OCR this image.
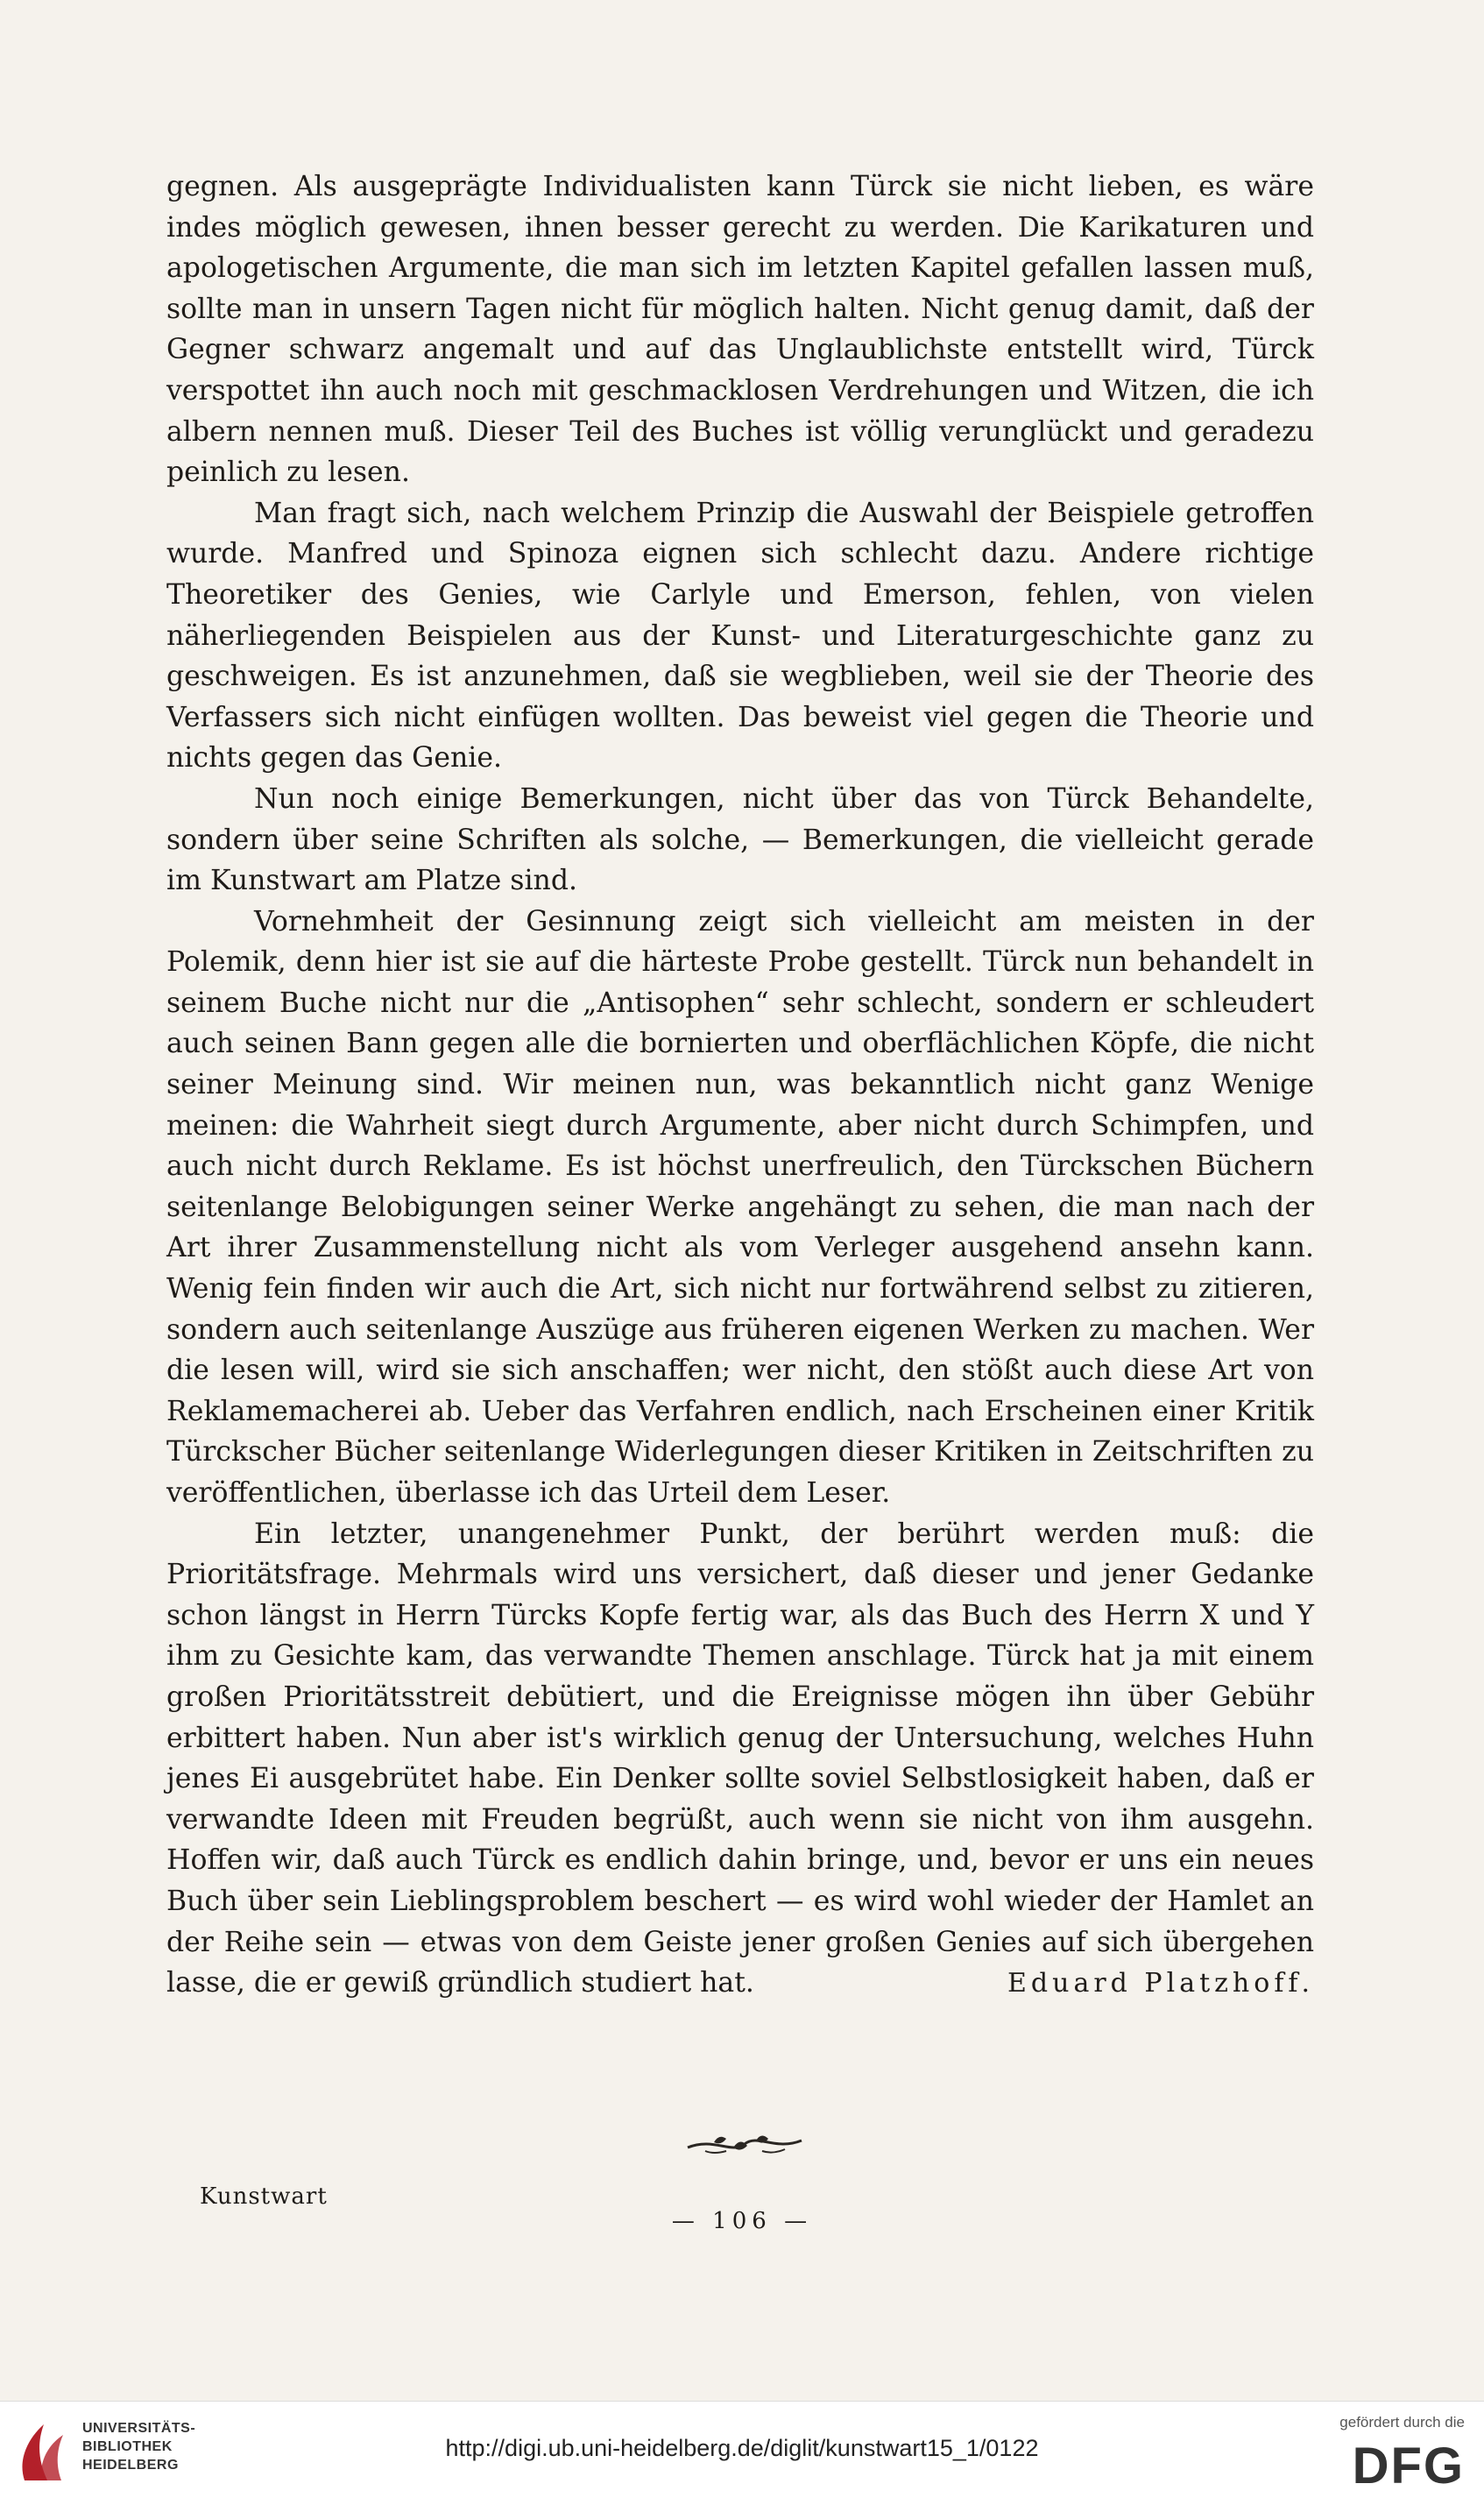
gegnen. Als ausgeprägte Individualisten kann Türck sie nicht lieben, es wäre indes möglich gewesen, ihnen besser gerecht zu werden. Die Karikaturen und apologetischen Argumente, die man sich im letzten Kapitel gefallen lassen muß, sollte man in unsern Tagen nicht für möglich halten. Nicht genug damit, daß der Gegner schwarz angemalt und auf das Unglaublichste entstellt wird, Türck verspottet ihn auch noch mit geschmacklosen Verdrehungen und Witzen, die ich albern nennen muß. Dieser Teil des Buches ist völlig verunglückt und geradezu peinlich zu lesen.

Man fragt sich, nach welchem Prinzip die Auswahl der Beispiele getroffen wurde. Manfred und Spinoza eignen sich schlecht dazu. Andere richtige Theoretiker des Genies, wie Carlyle und Emerson, fehlen, von vielen näherliegenden Beispielen aus der Kunst- und Literaturgeschichte ganz zu geschweigen. Es ist anzunehmen, daß sie wegblieben, weil sie der Theorie des Verfassers sich nicht einfügen wollten. Das beweist viel gegen die Theorie und nichts gegen das Genie.

Nun noch einige Bemerkungen, nicht über das von Türck Behandelte, sondern über seine Schriften als solche, — Bemerkungen, die vielleicht gerade im Kunstwart am Platze sind.

Vornehmheit der Gesinnung zeigt sich vielleicht am meisten in der Polemik, denn hier ist sie auf die härteste Probe gestellt. Türck nun behandelt in seinem Buche nicht nur die „Antisophen“ sehr schlecht, sondern er schleudert auch seinen Bann gegen alle die bornierten und oberflächlichen Köpfe, die nicht seiner Meinung sind. Wir meinen nun, was bekanntlich nicht ganz Wenige meinen: die Wahrheit siegt durch Argumente, aber nicht durch Schimpfen, und auch nicht durch Reklame. Es ist höchst unerfreulich, den Türckschen Büchern seitenlange Belobigungen seiner Werke angehängt zu sehen, die man nach der Art ihrer Zusammenstellung nicht als vom Verleger ausgehend ansehn kann. Wenig fein finden wir auch die Art, sich nicht nur fortwährend selbst zu zitieren, sondern auch seitenlange Auszüge aus früheren eigenen Werken zu machen. Wer die lesen will, wird sie sich anschaffen; wer nicht, den stößt auch diese Art von Reklamemacherei ab. Ueber das Verfahren endlich, nach Erscheinen einer Kritik Türckscher Bücher seitenlange Widerlegungen dieser Kritiken in Zeitschriften zu veröffentlichen, überlasse ich das Urteil dem Leser.

Ein letzter, unangenehmer Punkt, der berührt werden muß: die Prioritätsfrage. Mehrmals wird uns versichert, daß dieser und jener Gedanke schon längst in Herrn Türcks Kopfe fertig war, als das Buch des Herrn X und Y ihm zu Gesichte kam, das verwandte Themen anschlage. Türck hat ja mit einem großen Prioritätsstreit debütiert, und die Ereignisse mögen ihn über Gebühr erbittert haben. Nun aber ist's wirklich genug der Untersuchung, welches Huhn jenes Ei ausgebrütet habe. Ein Denker sollte soviel Selbstlosigkeit haben, daß er verwandte Ideen mit Freuden begrüßt, auch wenn sie nicht von ihm ausgehn. Hoffen wir, daß auch Türck es endlich dahin bringe, und, bevor er uns ein neues Buch über sein Lieblingsproblem beschert — es wird wohl wieder der Hamlet an der Reihe sein — etwas von dem Geiste jener großen Genies auf sich übergehen lasse, die er gewiß gründlich studiert hat.	Eduard Platzhoff.
Kunstwart
— 106 —
UNIVERSITÄTS-
BIBLIOTHEK
HEIDELBERG
http://digi.ub.uni-heidelberg.de/diglit/kunstwart15_1/0122
gefördert durch die
DFG
